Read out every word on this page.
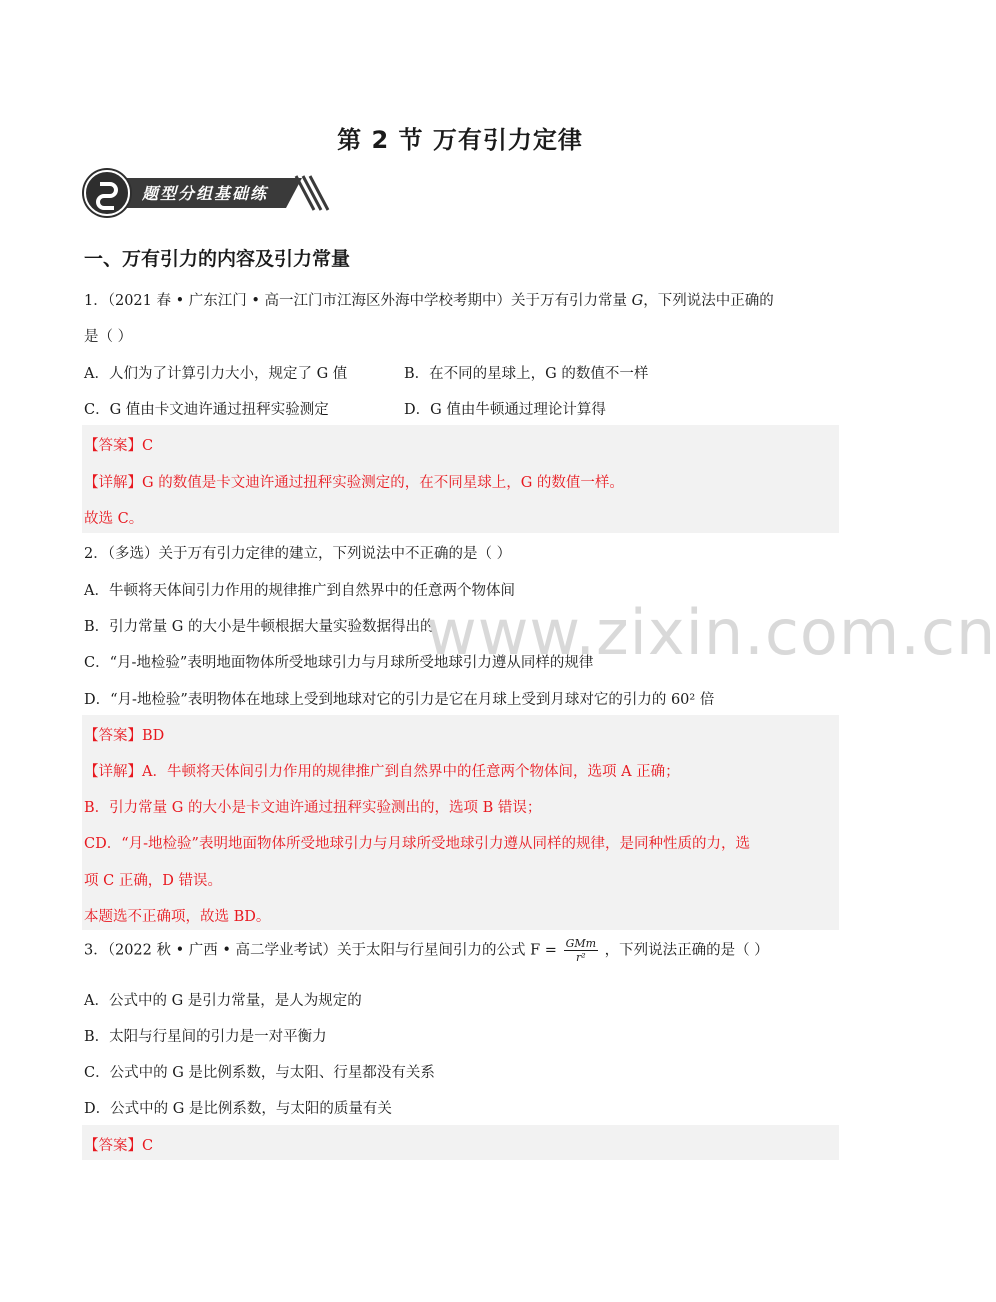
第 2 节 万有引力定律
题型分组基础练
一、万有引力的内容及引力常量
1．（2021 春 • 广东江门 • 高一江门市江海区外海中学校考期中）关于万有引力常量 G，下列说法中正确的
是（ ）
A．人们为了计算引力大小，规定了 G 值	B．在不同的星球上，G 的数值不一样
C．G 值由卡文迪许通过扭秤实验测定	D．G 值由牛顿通过理论计算得
【答案】C
【详解】G 的数值是卡文迪许通过扭秤实验测定的，在不同星球上，G 的数值一样。
故选 C。
2．（多选）关于万有引力定律的建立，下列说法中不正确的是（ ）
A．牛顿将天体间引力作用的规律推广到自然界中的任意两个物体间
B．引力常量 G 的大小是牛顿根据大量实验数据得出的
C．“月-地检验”表明地面物体所受地球引力与月球所受地球引力遵从同样的规律
D．“月-地检验”表明物体在地球上受到地球对它的引力是它在月球上受到月球对它的引力的 60² 倍
www.zixin.com.cn
【答案】BD
【详解】A．牛顿将天体间引力作用的规律推广到自然界中的任意两个物体间，选项 A 正确；
B．引力常量 G 的大小是卡文迪许通过扭秤实验测出的，选项 B 错误；
CD．“月-地检验”表明地面物体所受地球引力与月球所受地球引力遵从同样的规律，是同种性质的力，选
项 C 正确，D 错误。
本题选不正确项，故选 BD。
3．（2022 秋 • 广西 • 高二学业考试）关于太阳与行星间引力的公式 $F = \frac{\text{GMm}}{\text{r²}}$ ，下列说法正确的是（ ）
A．公式中的 G 是引力常量，是人为规定的
B．太阳与行星间的引力是一对平衡力
C．公式中的 G 是比例系数，与太阳、行星都没有关系
D．公式中的 G 是比例系数，与太阳的质量有关
【答案】C
